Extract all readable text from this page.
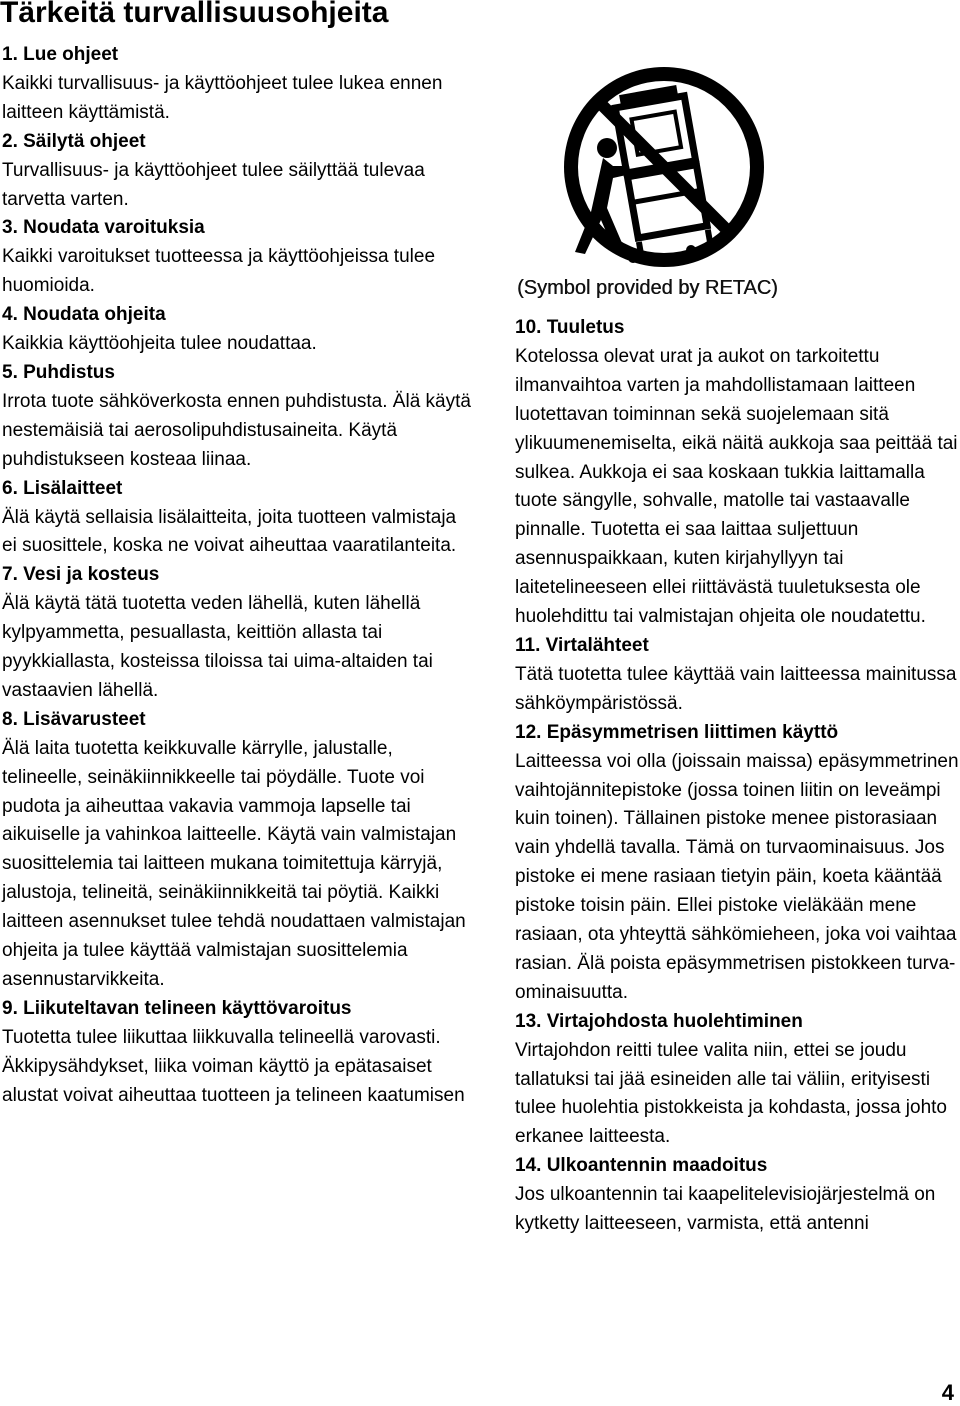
Tärkeitä turvallisuusohjeita

1. Lue ohjeet

Kaikki turvallisuus- ja käyttöohjeet tulee lukea ennen laitteen käyttämistä.

2. Säilytä ohjeet

Turvallisuus- ja käyttöohjeet tulee säilyttää tulevaa tarvetta varten.

3. Noudata varoituksia

Kaikki varoitukset tuotteessa ja käyttöohjeissa tulee huomioida.

4. Noudata ohjeita

Kaikkia käyttöohjeita tulee noudattaa.

5. Puhdistus

Irrota tuote sähköverkosta ennen puhdistusta. Älä käytä nestemäisiä tai aerosolipuhdistusaineita. Käytä puhdistukseen kosteaa liinaa.

6. Lisälaitteet

Älä käytä sellaisia lisälaitteita, joita tuotteen valmistaja ei suosittele, koska ne voivat aiheuttaa vaaratilanteita.

7. Vesi ja kosteus

Älä käytä tätä tuotetta veden lähellä, kuten lähellä kylpyammetta, pesuallasta, keittiön allasta tai pyykkiallasta, kosteissa tiloissa tai uima-altaiden tai vastaavien lähellä.

8. Lisävarusteet

Älä laita tuotetta keikkuvalle kärrylle, jalustalle, telineelle, seinäkiinnikkeelle tai pöydälle. Tuote voi pudota ja aiheuttaa vakavia vammoja lapselle tai aikuiselle ja vahinkoa laitteelle. Käytä vain valmistajan suosittelemia tai laitteen mukana toimitettuja kärryjä, jalustoja, telineitä, seinäkiinnikkeitä tai pöytiä. Kaikki laitteen asennukset tulee tehdä noudattaen valmistajan ohjeita ja tulee käyttää valmistajan suosittelemia asennustarvikkeita.

9. Liikuteltavan telineen käyttövaroitus

Tuotetta tulee liikuttaa liikkuvalla telineellä varovasti. Äkkipysähdykset, liika voiman käyttö ja epätasaiset alustat voivat aiheuttaa tuotteen ja telineen kaatumisen

(Symbol provided by RETAC)

10. Tuuletus

Kotelossa olevat urat ja aukot on tarkoitettu ilmanvaihtoa varten ja mahdollistamaan laitteen luotettavan toiminnan sekä suojelemaan sitä ylikuumenemiselta, eikä näitä aukkoja saa peittää tai sulkea. Aukkoja ei saa koskaan tukkia laittamalla tuote sängylle, sohvalle, matolle tai vastaavalle pinnalle. Tuotetta ei saa laittaa suljettuun asennuspaikkaan, kuten kirjahyllyyn tai laitetelineeseen ellei riittävästä tuuletuksesta ole huolehdittu tai valmistajan ohjeita ole noudatettu.

11. Virtalähteet

Tätä tuotetta tulee käyttää vain laitteessa mainitussa sähköympäristössä.

12. Epäsymmetrisen liittimen käyttö

Laitteessa voi olla (joissain maissa) epäsymmetrinen vaihtojännitepistoke (jossa toinen liitin on leveämpi kuin toinen). Tällainen pistoke menee pistorasiaan vain yhdellä tavalla. Tämä on turvaominaisuus. Jos pistoke ei mene rasiaan tietyin päin, koeta kääntää pistoke toisin päin. Ellei pistoke vieläkään mene rasiaan, ota yhteyttä sähkömieheen, joka voi vaihtaa rasian. Älä poista epäsymmetrisen pistokkeen turva-ominaisuutta.

13. Virtajohdosta huolehtiminen

Virtajohdon reitti tulee valita niin, ettei se joudu tallatuksi tai jää esineiden alle tai väliin, erityisesti tulee huolehtia pistokkeista ja kohdasta, jossa johto erkanee laitteesta.

14. Ulkoantennin maadoitus

Jos ulkoantennin tai kaapelitelevisiojärjestelmä on kytketty laitteeseen, varmista, että antenni

4
